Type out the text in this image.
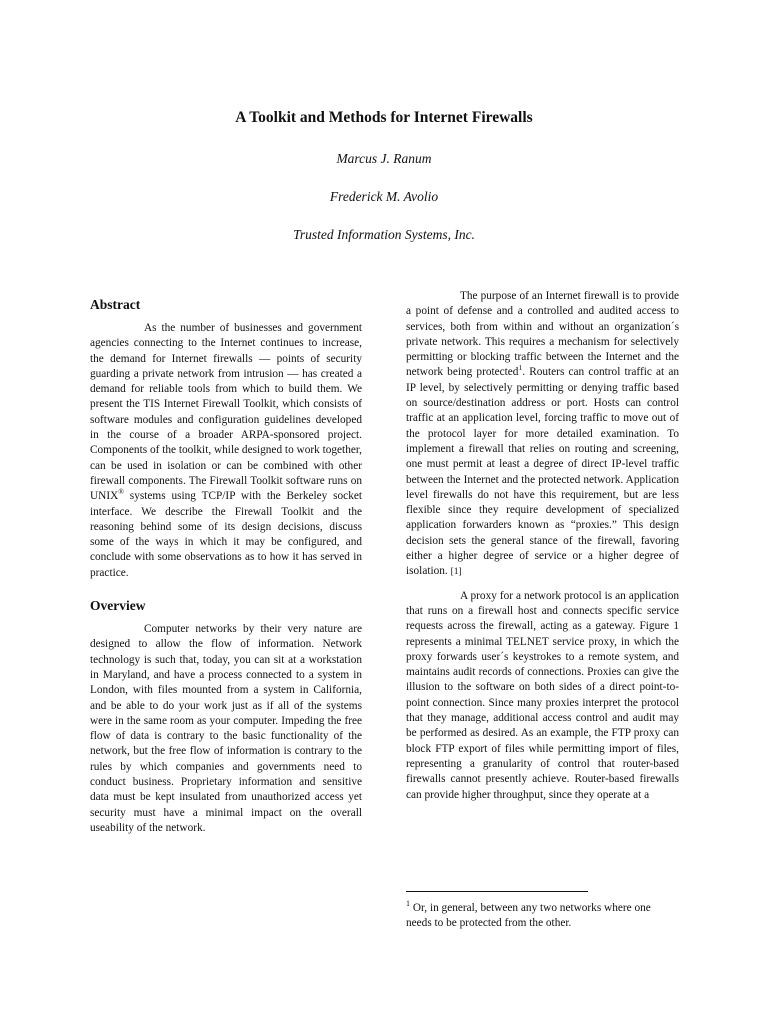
A Toolkit and Methods for Internet Firewalls
Marcus J. Ranum
Frederick M. Avolio
Trusted Information Systems, Inc.
Abstract

As the number of businesses and government agencies connecting to the Internet continues to increase, the demand for Internet firewalls — points of security guarding a private network from intrusion — has created a demand for reliable tools from which to build them. We present the TIS Internet Firewall Toolkit, which consists of software modules and configuration guidelines developed in the course of a broader ARPA-sponsored project. Components of the toolkit, while designed to work together, can be used in isolation or can be combined with other firewall components. The Firewall Toolkit software runs on UNIX® systems using TCP/IP with the Berkeley socket interface. We describe the Firewall Toolkit and the reasoning behind some of its design decisions, discuss some of the ways in which it may be configured, and conclude with some observations as to how it has served in practice.

Overview

Computer networks by their very nature are designed to allow the flow of information. Network technology is such that, today, you can sit at a workstation in Maryland, and have a process connected to a system in London, with files mounted from a system in California, and be able to do your work just as if all of the systems were in the same room as your computer. Impeding the free flow of data is contrary to the basic functionality of the network, but the free flow of information is contrary to the rules by which companies and governments need to conduct business. Proprietary information and sensitive data must be kept insulated from unauthorized access yet security must have a minimal impact on the overall useability of the network.

The purpose of an Internet firewall is to provide a point of defense and a controlled and audited access to services, both from within and without an organization´s private network. This requires a mechanism for selectively permitting or blocking traffic between the Internet and the network being protected$^1$. Routers can control traffic at an IP level, by selectively permitting or denying traffic based on source/destination address or port. Hosts can control traffic at an application level, forcing traffic to move out of the protocol layer for more detailed examination. To implement a firewall that relies on routing and screening, one must permit at least a degree of direct IP-level traffic between the Internet and the protected network. Application level firewalls do not have this requirement, but are less flexible since they require development of specialized application forwarders known as “proxies.” This design decision sets the general stance of the firewall, favoring either a higher degree of service or a higher degree of isolation. [1]

A proxy for a network protocol is an application that runs on a firewall host and connects specific service requests across the firewall, acting as a gateway. Figure 1 represents a minimal TELNET service proxy, in which the proxy forwards user´s keystrokes to a remote system, and maintains audit records of connections. Proxies can give the illusion to the software on both sides of a direct point-to-point connection. Since many proxies interpret the protocol that they manage, additional access control and audit may be performed as desired. As an example, the FTP proxy can block FTP export of files while permitting import of files, representing a granularity of control that router-based firewalls cannot presently achieve. Router-based firewalls can provide higher throughput, since they operate at a

$^1$ Or, in general, between any two networks where one needs to be protected from the other.
